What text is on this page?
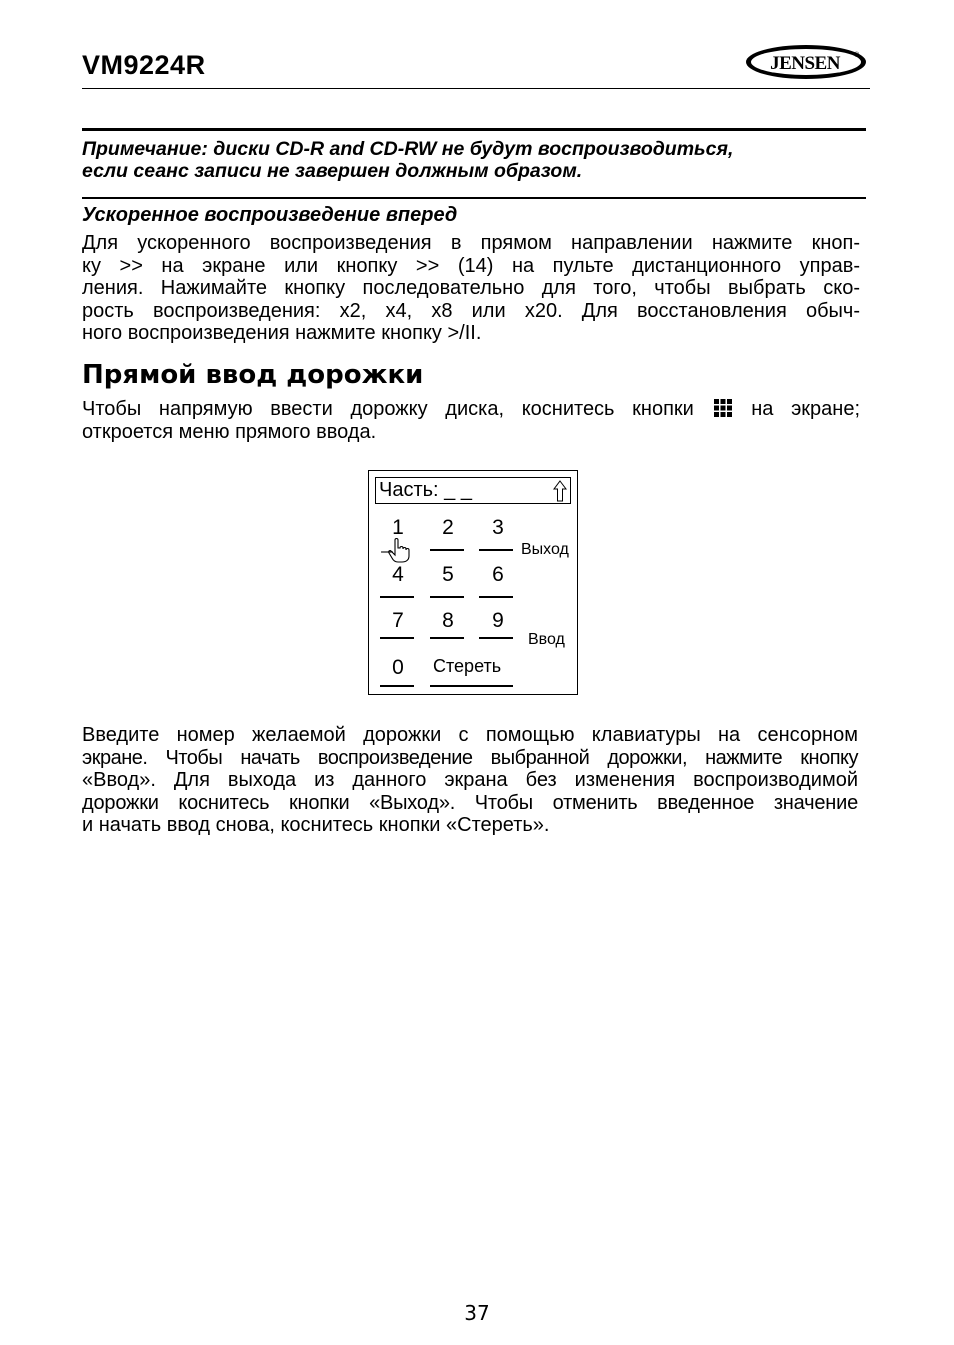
VM9224R	JENSEN ®
Примечание: диски CD-R and CD-RW не будут воспроизводиться,
если сеанс записи не завершен должным образом.
Ускоренное воспроизведение вперед
Для ускоренного воспроизведения в прямом направлении нажмите кноп-
ку >> на экране или кнопку >> (14) на пульте дистанционного управ-
ления. Нажимайте кнопку последовательно для того, чтобы выбрать ско-
рость воспроизведения: x2, x4, x8 или x20. Для восстановления обыч-
ного воспроизведения нажмите кнопку >/II.
Прямой ввод дорожки
Чтобы напрямую ввести дорожку диска, коснитесь кнопки	на экране;
откроется меню прямого ввода.
Часть: _ _
1	2	3
4	5	6
7	8	9
0	Стереть
Выход
Ввод
Введите номер желаемой дорожки с помощью клавиатуры на сенсорном
экране. Чтобы начать воспроизведение выбранной дорожки, нажмите кнопку
«Ввод». Для выхода из данного экрана без изменения воспроизводимой
дорожки коснитесь кнопки «Выход». Чтобы отменить введенное значение
и начать ввод снова, коснитесь кнопки «Стереть».
37
